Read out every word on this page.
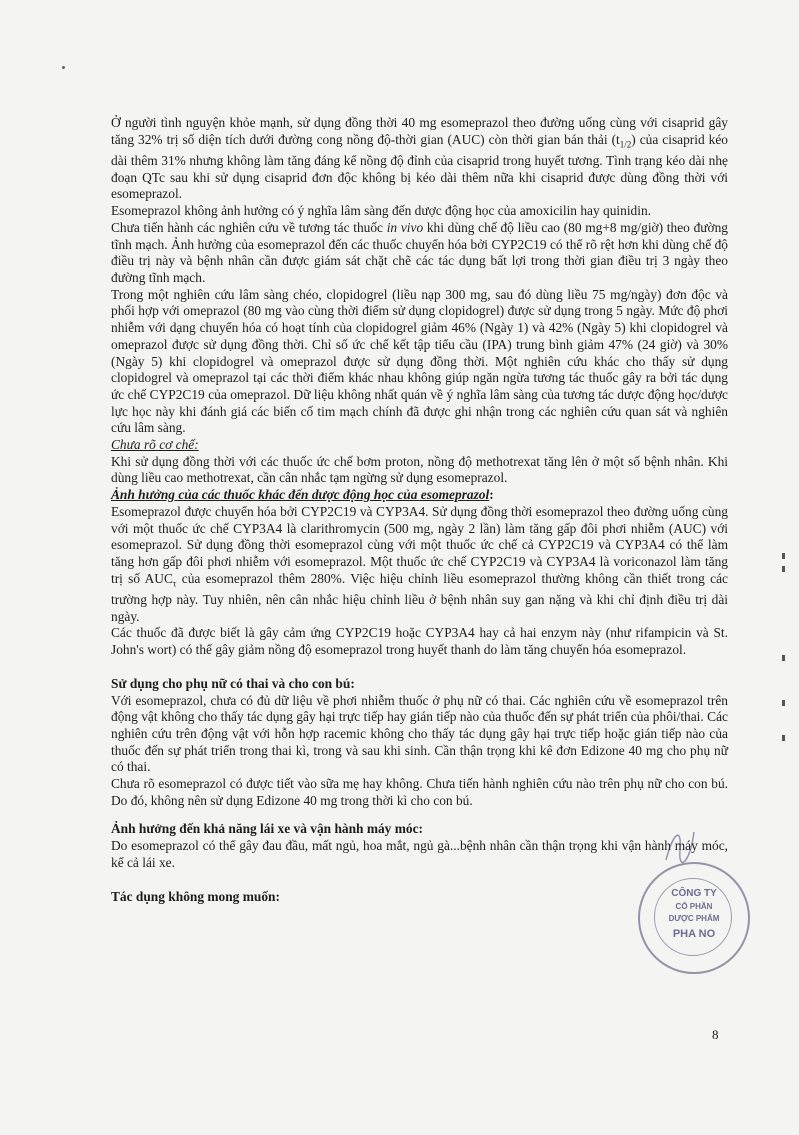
Ở người tình nguyện khỏe mạnh, sử dụng đồng thời 40 mg esomeprazol theo đường uống cùng với cisaprid gây tăng 32% trị số diện tích dưới đường cong nồng độ-thời gian (AUC) còn thời gian bán thải $(t_{1/2})$ của cisaprid kéo dài thêm 31% nhưng không làm tăng đáng kể nồng độ đỉnh của cisaprid trong huyết tương. Tình trạng kéo dài nhẹ đoạn QTc sau khi sử dụng cisaprid đơn độc không bị kéo dài thêm nữa khi cisaprid được dùng đồng thời với esomeprazol.

Esomeprazol không ảnh hưởng có ý nghĩa lâm sàng đến dược động học của amoxicilin hay quinidin.

Chưa tiến hành các nghiên cứu về tương tác thuốc in vivo khi dùng chế độ liều cao (80 mg+8 mg/giờ) theo đường tĩnh mạch. Ảnh hưởng của esomeprazol đến các thuốc chuyển hóa bởi CYP2C19 có thể rõ rệt hơn khi dùng chế độ điều trị này và bệnh nhân cần được giám sát chặt chẽ các tác dụng bất lợi trong thời gian điều trị 3 ngày theo đường tĩnh mạch.

Trong một nghiên cứu lâm sàng chéo, clopidogrel (liều nạp 300 mg, sau đó dùng liều 75 mg/ngày) đơn độc và phối hợp với omeprazol (80 mg vào cùng thời điểm sử dụng clopidogrel) được sử dụng trong 5 ngày. Mức độ phơi nhiễm với dạng chuyển hóa có hoạt tính của clopidogrel giảm 46% (Ngày 1) và 42% (Ngày 5) khi clopidogrel và omeprazol được sử dụng đồng thời. Chỉ số ức chế kết tập tiểu cầu (IPA) trung bình giảm 47% (24 giờ) và 30% (Ngày 5) khi clopidogrel và omeprazol được sử dụng đồng thời. Một nghiên cứu khác cho thấy sử dụng clopidogrel và omeprazol tại các thời điểm khác nhau không giúp ngăn ngừa tương tác thuốc gây ra bởi tác dụng ức chế CYP2C19 của omeprazol. Dữ liệu không nhất quán về ý nghĩa lâm sàng của tương tác dược động học/dược lực học này khi đánh giá các biến cố tim mạch chính đã được ghi nhận trong các nghiên cứu quan sát và nghiên cứu lâm sàng.

Chưa rõ cơ chế:

Khi sử dụng đồng thời với các thuốc ức chế bơm proton, nồng độ methotrexat tăng lên ở một số bệnh nhân. Khi dùng liều cao methotrexat, cần cân nhắc tạm ngừng sử dụng esomeprazol.

Ảnh hưởng của các thuốc khác đến dược động học của esomeprazol:

Esomeprazol được chuyển hóa bởi CYP2C19 và CYP3A4. Sử dụng đồng thời esomeprazol theo đường uống cùng với một thuốc ức chế CYP3A4 là clarithromycin (500 mg, ngày 2 lần) làm tăng gấp đôi phơi nhiễm (AUC) với esomeprazol. Sử dụng đồng thời esomeprazol cùng với một thuốc ức chế cả CYP2C19 và CYP3A4 có thể làm tăng hơn gấp đôi phơi nhiễm với esomeprazol. Một thuốc ức chế CYP2C19 và CYP3A4 là voriconazol làm tăng trị số $AUC_\tau$ của esomeprazol thêm 280%. Việc hiệu chỉnh liều esomeprazol thường không cần thiết trong các trường hợp này. Tuy nhiên, nên cân nhắc hiệu chỉnh liều ở bệnh nhân suy gan nặng và khi chỉ định điều trị dài ngày.

Các thuốc đã được biết là gây cảm ứng CYP2C19 hoặc CYP3A4 hay cả hai enzym này (như rifampicin và St. John's wort) có thể gây giảm nồng độ esomeprazol trong huyết thanh do làm tăng chuyển hóa esomeprazol.

Sử dụng cho phụ nữ có thai và cho con bú:

Với esomeprazol, chưa có đủ dữ liệu về phơi nhiễm thuốc ở phụ nữ có thai. Các nghiên cứu về esomeprazol trên động vật không cho thấy tác dụng gây hại trực tiếp hay gián tiếp nào của thuốc đến sự phát triển của phôi/thai. Các nghiên cứu trên động vật với hỗn hợp racemic không cho thấy tác dụng gây hại trực tiếp hoặc gián tiếp nào của thuốc đến sự phát triển trong thai kì, trong và sau khi sinh. Cần thận trọng khi kê đơn Edizone 40 mg cho phụ nữ có thai.

Chưa rõ esomeprazol có được tiết vào sữa mẹ hay không. Chưa tiến hành nghiên cứu nào trên phụ nữ cho con bú. Do đó, không nên sử dụng Edizone 40 mg trong thời kì cho con bú.

Ảnh hưởng đến khả năng lái xe và vận hành máy móc:

Do esomeprazol có thể gây đau đầu, mất ngủ, hoa mắt, ngủ gà...bệnh nhân cần thận trọng khi vận hành máy móc, kể cả lái xe.

Tác dụng không mong muốn:

8
CÔNG TY
CỔ PHẦN
DƯỢC PHẨM
PHA NO
